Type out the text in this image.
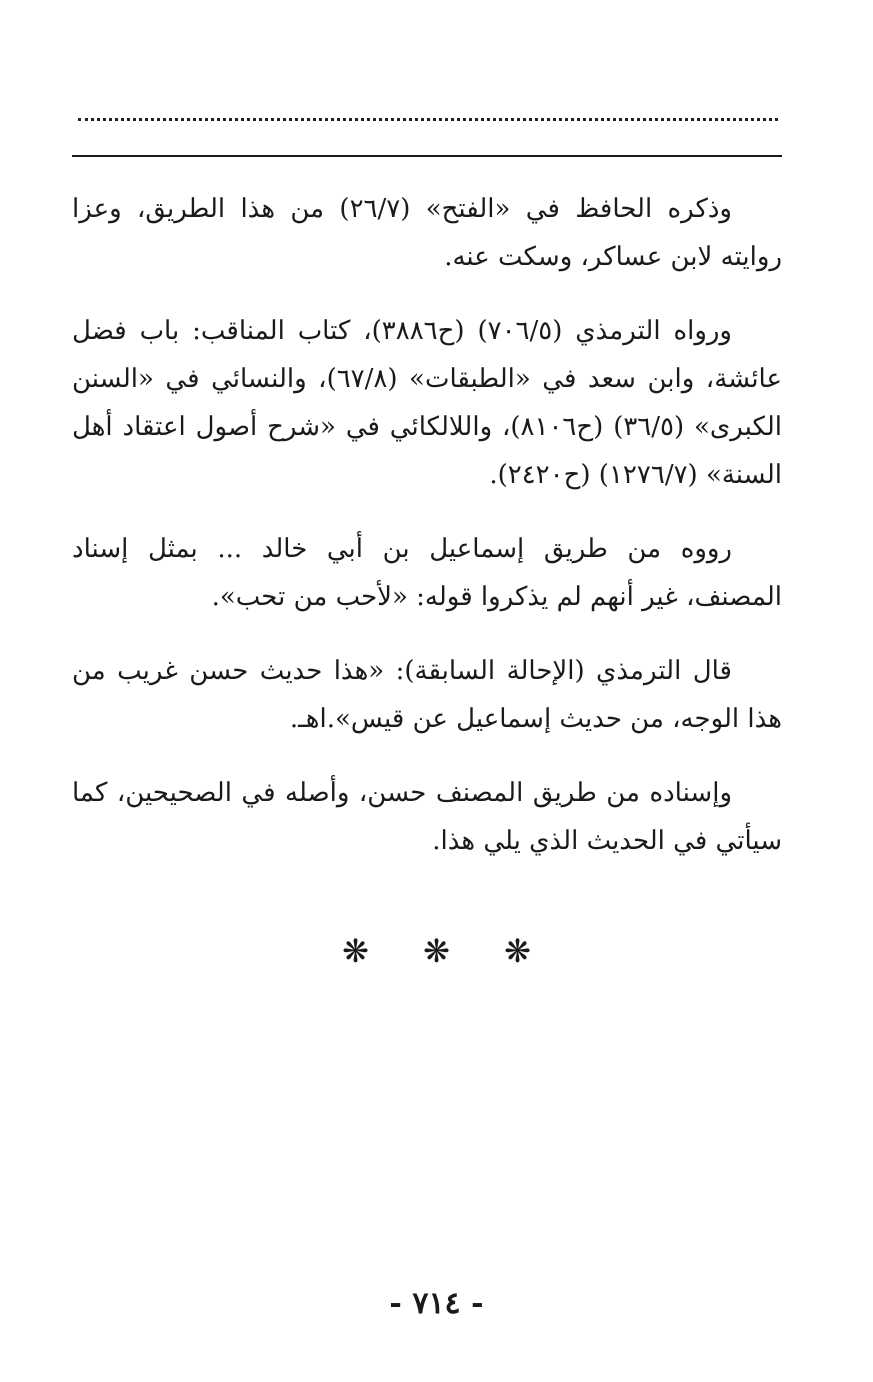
وذكره الحافظ في «الفتح» (٢٦/٧) من هذا الطريق، وعزا روايته لابن عساكر، وسكت عنه.

ورواه الترمذي (٧٠٦/٥) (ح٣٨٨٦)، كتاب المناقب: باب فضل عائشة، وابن سعد في «الطبقات» (٦٧/٨)، والنسائي في «السنن الكبرى» (٣٦/٥) (ح٨١٠٦)، واللالكائي في «شرح أصول اعتقاد أهل السنة» (١٢٧٦/٧) (ح٢٤٢٠).

رووه من طريق إسماعيل بن أبي خالد ... بمثل إسناد المصنف، غير أنهم لم يذكروا قوله: «لأحب من تحب».

قال الترمذي (الإحالة السابقة): «هذا حديث حسن غريب من هذا الوجه، من حديث إسماعيل عن قيس».اهـ.

وإسناده من طريق المصنف حسن، وأصله في الصحيحين، كما سيأتي في الحديث الذي يلي هذا.

❋ ❋ ❋
- ٧١٤ -
